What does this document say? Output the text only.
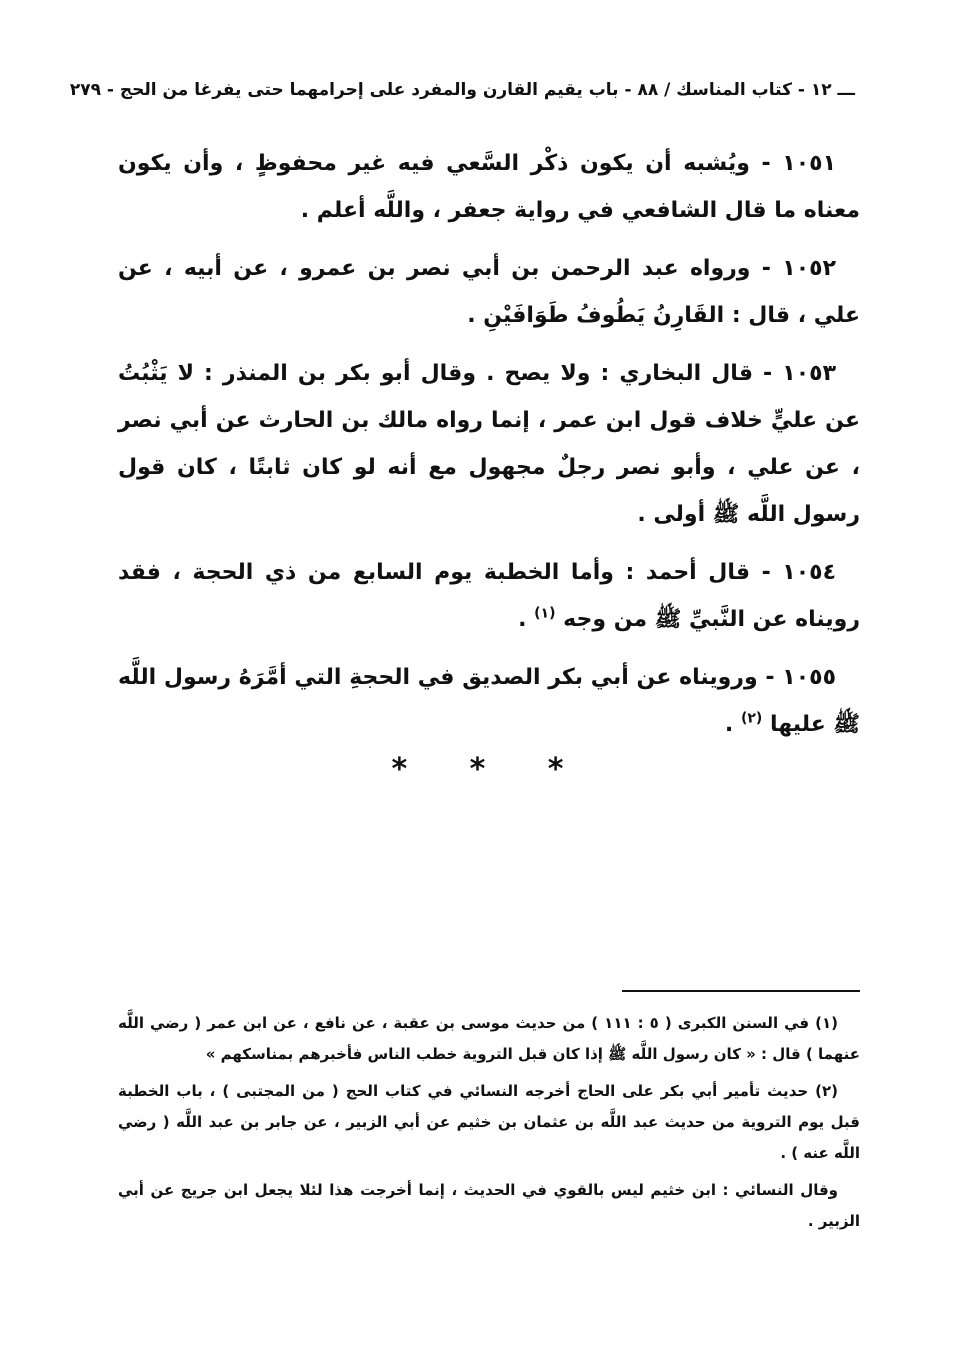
ـــ ١٢ - كتاب المناسك / ٨٨ - باب يقيم القارن والمفرد على إحرامهما حتى يفرغا من الحج - ٢٧٩

١٠٥١ - ويُشبه أن يكون ذكْر السَّعي فيه غير محفوظٍ ، وأن يكون معناه ما قال الشافعي في رواية جعفر ، واللَّه أعلم .

١٠٥٢ - ورواه عبد الرحمن بن أبي نصر بن عمرو ، عن أبيه ، عن علي ، قال : القَارِنُ يَطُوفُ طَوَافَيْنِ .

١٠٥٣ - قال البخاري : ولا يصح . وقال أبو بكر بن المنذر : لا يَثْبُتُ عن عليٍّ خلاف قول ابن عمر ، إنما رواه مالك بن الحارث عن أبي نصر ، عن علي ، وأبو نصر رجلٌ مجهول مع أنه لو كان ثابتًا ، كان قول رسول اللَّه ﷺ أولى .

١٠٥٤ - قال أحمد : وأما الخطبة يوم السابع من ذي الحجة ، فقد رويناه عن النَّبيِّ ﷺ من وجه $^{(١)}$ .

١٠٥٥ - ورويناه عن أبي بكر الصديق في الحجةِ التي أمَّرَهُ رسول اللَّه ﷺ عليها $^{(٢)}$ .

* * *

(١) في السنن الكبرى ( ٥ : ١١١ ) من حديث موسى بن عقبة ، عن نافع ، عن ابن عمر ( رضي اللَّه عنهما ) قال : « كان رسول اللَّه ﷺ إذا كان قبل التروية خطب الناس فأخبرهم بمناسكهم »

(٢) حديث تأمير أبي بكر على الحاج أخرجه النسائي في كتاب الحج ( من المجتبى ) ، باب الخطبة قبل يوم التروية من حديث عبد اللَّه بن عثمان بن خثيم عن أبي الزبير ، عن جابر بن عبد اللَّه ( رضي اللَّه عنه ) .

وقال النسائي : ابن خثيم ليس بالقوي في الحديث ، إنما أخرجت هذا لئلا يجعل ابن جريج عن أبي الزبير .
